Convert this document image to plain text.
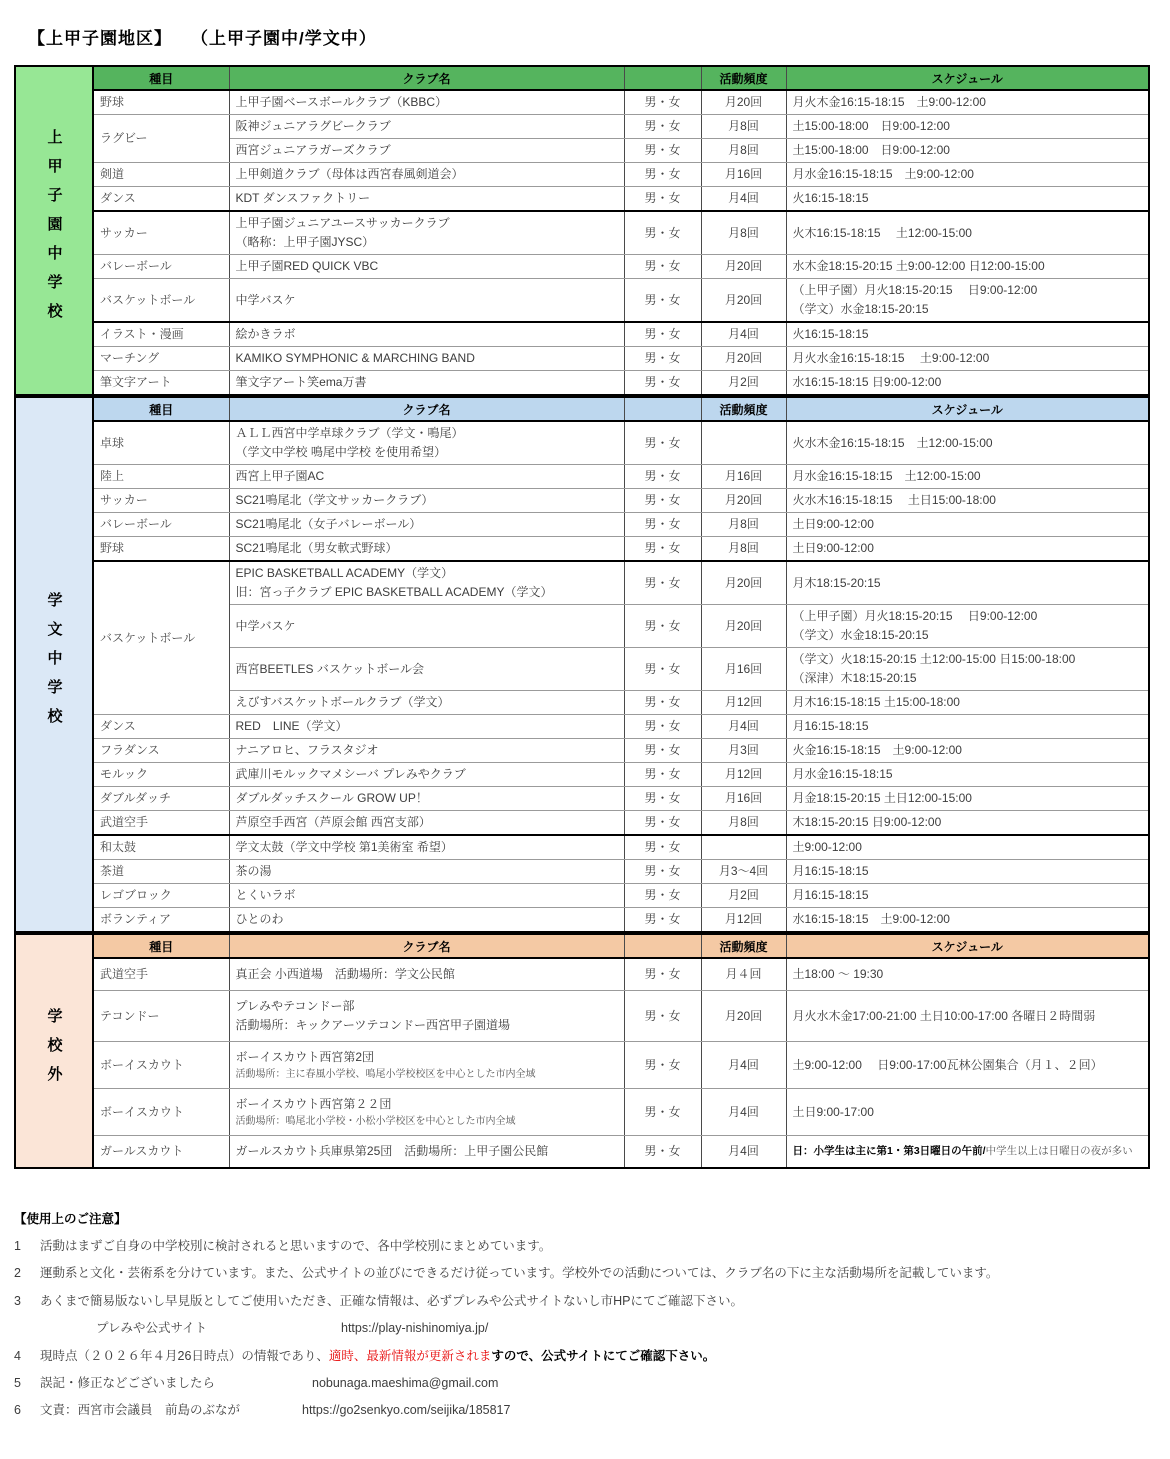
【上甲子園地区】　　（上甲子園中/学文中）
上甲子園中学校	種目	クラブ名		活動頻度	スケジュール

	野球	上甲子園ベースボールクラブ（KBBC）	男・女	月20回	月火木金16:15-18:15　土9:00-12:00

	ラグビー	阪神ジュニアラグビークラブ	男・女	月8回	土15:00-18:00　日9:00-12:00

		西宮ジュニアラガーズクラブ	男・女	月8回	土15:00-18:00　日9:00-12:00

	剣道	上甲剣道クラブ（母体は西宮春風剣道会）	男・女	月16回	月水金16:15-18:15　土9:00-12:00

	ダンス	KDT ダンスファクトリー	男・女	月4回	火16:15-18:15

	サッカー	上甲子園ジュニアユースサッカークラブ
（略称：上甲子園JYSC）	男・女	月8回	火木16:15-18:15　 土12:00-15:00

	バレーボール	上甲子園RED QUICK VBC	男・女	月20回	水木金18:15-20:15 土9:00-12:00 日12:00-15:00

	バスケットボール	中学バスケ	男・女	月20回	（上甲子園）月火18:15-20:15　 日9:00-12:00
（学文）水金18:15-20:15

	イラスト・漫画	絵かきラボ	男・女	月4回	火16:15-18:15

	マーチング	KAMIKO SYMPHONIC & MARCHING BAND	男・女	月20回	月火水金16:15-18:15　 土9:00-12:00

	筆文字アート	筆文字アート笑ema万書	男・女	月2回	水16:15-18:15 日9:00-12:00
学文中学校	種目	クラブ名		活動頻度	スケジュール

	卓球	ＡＬＬ西宮中学卓球クラブ（学文・鳴尾）
（学文中学校 鳴尾中学校 を使用希望）	男・女		火水木金16:15-18:15　土12:00-15:00

	陸上	西宮上甲子園AC	男・女	月16回	月水金16:15-18:15　土12:00-15:00

	サッカー	SC21鳴尾北（学文サッカークラブ）	男・女	月20回	火水木16:15-18:15　 土日15:00-18:00

	バレーボール	SC21鳴尾北（女子バレーボール）	男・女	月8回	土日9:00-12:00

	野球	SC21鳴尾北（男女軟式野球）	男・女	月8回	土日9:00-12:00

	バスケットボール	EPIC BASKETBALL ACADEMY（学文）
旧：宮っ子クラブ EPIC BASKETBALL ACADEMY（学文）	男・女	月20回	月木18:15-20:15

		中学バスケ	男・女	月20回	（上甲子園）月火18:15-20:15　 日9:00-12:00
（学文）水金18:15-20:15

		西宮BEETLES バスケットボール会	男・女	月16回	（学文）火18:15-20:15 土12:00-15:00 日15:00-18:00
（深津）木18:15-20:15

		えびすバスケットボールクラブ（学文）	男・女	月12回	月木16:15-18:15 土15:00-18:00

	ダンス	RED　LINE（学文）	男・女	月4回	月16:15-18:15

	フラダンス	ナニアロヒ、フラスタジオ	男・女	月3回	火金16:15-18:15　土9:00-12:00

	モルック	武庫川モルックマメシーバ プレみやクラブ	男・女	月12回	月水金16:15-18:15

	ダブルダッチ	ダブルダッチスクール GROW UP！	男・女	月16回	月金18:15-20:15 土日12:00-15:00

	武道空手	芦原空手西宮（芦原会館 西宮支部）	男・女	月8回	木18:15-20:15 日9:00-12:00

	和太鼓	学文太鼓（学文中学校 第1美術室 希望）	男・女		土9:00-12:00

	茶道	茶の湯	男・女	月3～4回	月16:15-18:15

	レゴブロック	とくいラボ	男・女	月2回	月16:15-18:15

	ボランティア	ひとのわ	男・女	月12回	水16:15-18:15　土9:00-12:00
学校外	種目	クラブ名		活動頻度	スケジュール

	武道空手	真正会 小西道場　活動場所：学文公民館	男・女	月４回	土18:00 ～ 19:30

	テコンドー	プレみやテコンドー部
活動場所：キックアーツテコンドー西宮甲子園道場	男・女	月20回	月火水木金17:00-21:00 土日10:00-17:00 各曜日２時間弱

	ボーイスカウト	ボーイスカウト西宮第2団
活動場所：主に春風小学校、鳴尾小学校校区を中心とした市内全域	男・女	月4回	土9:00-12:00　 日9:00-17:00瓦林公園集合（月１、２回）

	ボーイスカウト	ボーイスカウト西宮第２２団
活動場所：鳴尾北小学校・小松小学校区を中心とした市内全域	男・女	月4回	土日9:00-17:00

	ガールスカウト	ガールスカウト兵庫県第25団　活動場所：上甲子園公民館	男・女	月4回	日：小学生は主に第1・第3日曜日の午前/中学生以上は日曜日の夜が多い
【使用上のご注意】
1	活動はまずご自身の中学校別に検討されると思いますので、各中学校別にまとめています。
2	運動系と文化・芸術系を分けています。また、公式サイトの並びにできるだけ従っています。学校外での活動については、クラブ名の下に主な活動場所を記載しています。
3	あくまで簡易版ないし早見版としてご使用いただき、正確な情報は、必ずプレみや公式サイトないし市HPにてご確認下さい。
プレみや公式サイト	https://play-nishinomiya.jp/
4	現時点（２０２６年４月26日時点）の情報であり、適時、最新情報が更新されますので、公式サイトにてご確認下さい。
5	誤記・修正などございましたら	nobunaga.maeshima@gmail.com
6	文責：西宮市会議員　前島のぶなが	https://go2senkyo.com/seijika/185817
